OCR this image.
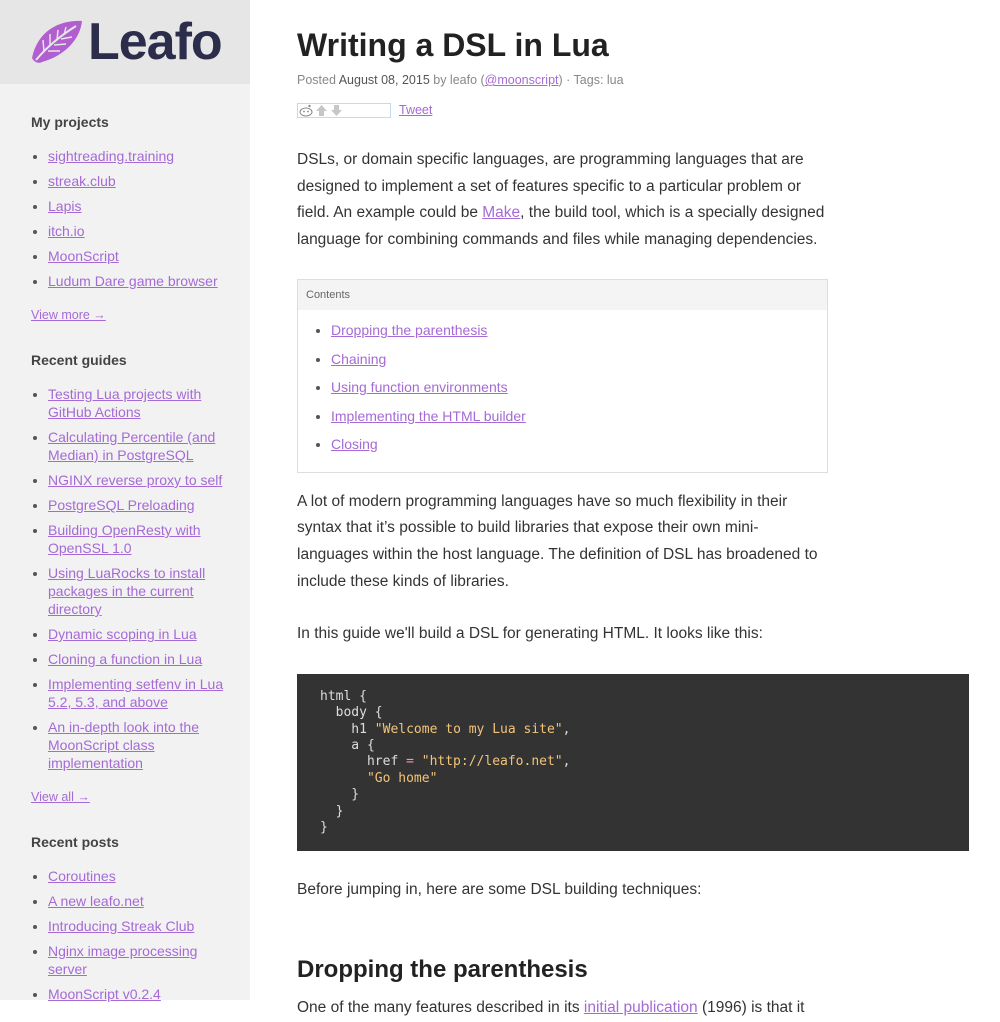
Leafo
My projects
• sightreading.training
• streak.club
• Lapis
• itch.io
• MoonScript
• Ludum Dare game browser
View more →
Recent guides
• Testing Lua projects with GitHub Actions
• Calculating Percentile (and Median) in PostgreSQL
• NGINX reverse proxy to self
• PostgreSQL Preloading
• Building OpenResty with OpenSSL 1.0
• Using LuaRocks to install packages in the current directory
• Dynamic scoping in Lua
• Cloning a function in Lua
• Implementing setfenv in Lua 5.2, 5.3, and above
• An in-depth look into the MoonScript class implementation
View all →
Recent posts
• Coroutines
• A new leafo.net
• Introducing Streak Club
• Nginx image processing server
• MoonScript v0.2.4
Writing a DSL in Lua
Posted August 08, 2015 by leafo (@moonscript) · Tags: lua
Tweet

DSLs, or domain specific languages, are programming languages that are designed to implement a set of features specific to a particular problem or field. An example could be Make, the build tool, which is a specially designed language for combining commands and files while managing dependencies.

Contents
• Dropping the parenthesis
• Chaining
• Using function environments
• Implementing the HTML builder
• Closing

A lot of modern programming languages have so much flexibility in their syntax that it’s possible to build libraries that expose their own mini-languages within the host language. The definition of DSL has broadened to include these kinds of libraries.

In this guide we'll build a DSL for generating HTML. It looks like this:

html {
body {
h1 "Welcome to my Lua site",
a {
href = "http://leafo.net",
"Go home"
}
}
}

Before jumping in, here are some DSL building techniques:

Dropping the parenthesis

One of the many features described in its initial publication (1996) is that it
